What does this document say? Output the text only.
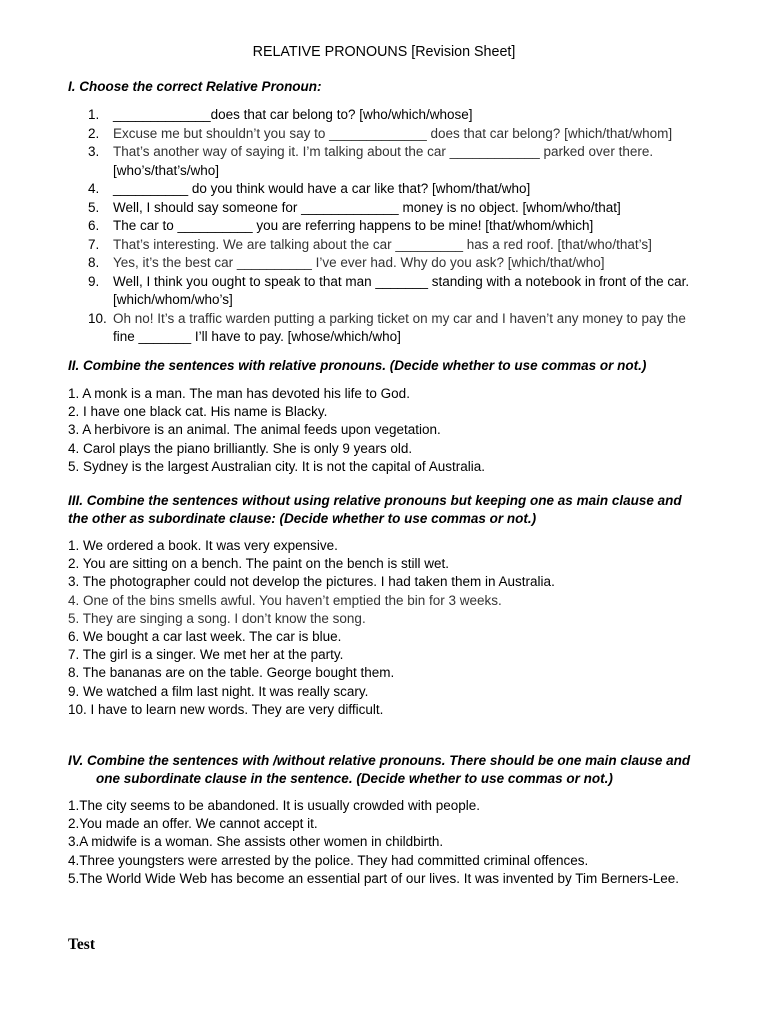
RELATIVE PRONOUNS [Revision Sheet]
I. Choose the correct Relative Pronoun:
1. _____________does that car belong to? [who/which/whose]
2. Excuse me but shouldn’t you say to _____________ does that car belong? [which/that/whom]
3. That’s another way of saying it. I’m talking about the car ____________ parked over there.
[who’s/that’s/who]
4. __________ do you think would have a car like that? [whom/that/who]
5. Well, I should say someone for _____________ money is no object. [whom/who/that]
6. The car to __________ you are referring happens to be mine! [that/whom/which]
7. That’s interesting. We are talking about the car _________ has a red roof. [that/who/that’s]
8. Yes, it’s the best car __________ I’ve ever had. Why do you ask? [which/that/who]
9. Well, I think you ought to speak to that man _______ standing with a notebook in front of the car.
[which/whom/who’s]
10. Oh no! It’s a traffic warden putting a parking ticket on my car and I haven’t any money to pay the
fine _______ I’ll have to pay. [whose/which/who]
II. Combine the sentences with relative pronouns. (Decide whether to use commas or not.)
1. A monk is a man. The man has devoted his life to God.
2. I have one black cat. His name is Blacky.
3. A herbivore is an animal. The animal feeds upon vegetation.
4. Carol plays the piano brilliantly. She is only 9 years old.
5. Sydney is the largest Australian city. It is not the capital of Australia.
III. Combine the sentences without using relative pronouns but keeping one as main clause and
the other as subordinate clause: (Decide whether to use commas or not.)
1. We ordered a book. It was very expensive.
2. You are sitting on a bench. The paint on the bench is still wet.
3. The photographer could not develop the pictures. I had taken them in Australia.
4. One of the bins smells awful. You haven’t emptied the bin for 3 weeks.
5. They are singing a song. I don’t know the song.
6. We bought a car last week. The car is blue.
7. The girl is a singer. We met her at the party.
8. The bananas are on the table. George bought them.
9. We watched a film last night. It was really scary.
10. I have to learn new words. They are very difficult.
IV. Combine the sentences with /without relative pronouns. There should be one main clause and
one subordinate clause in the sentence. (Decide whether to use commas or not.)
1.The city seems to be abandoned. It is usually crowded with people.
2.You made an offer. We cannot accept it.
3.A midwife is a woman. She assists other women in childbirth.
4.Three youngsters were arrested by the police. They had committed criminal offences.
5.The World Wide Web has become an essential part of our lives. It was invented by Tim Berners-Lee.
Test
